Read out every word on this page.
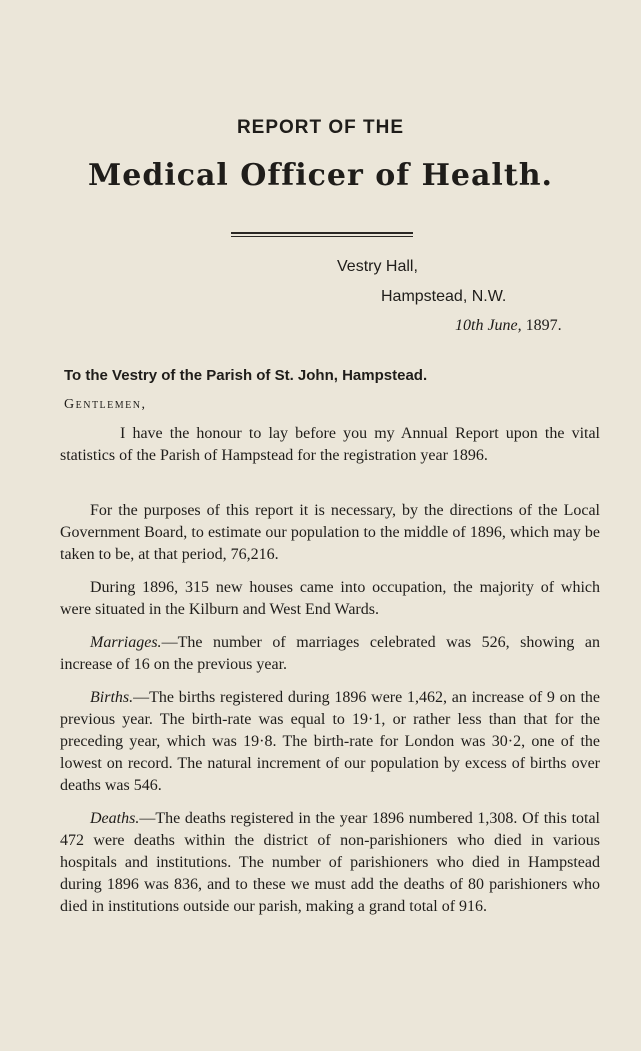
REPORT OF THE
Medical Officer of Health.
Vestry Hall,
Hampstead, N.W.
10th June, 1897.
To the Vestry of the Parish of St. John, Hampstead.
Gentlemen,
I have the honour to lay before you my Annual Report upon the vital statistics of the Parish of Hampstead for the registration year 1896.
For the purposes of this report it is necessary, by the directions of the Local Government Board, to estimate our population to the middle of 1896, which may be taken to be, at that period, 76,216.
During 1896, 315 new houses came into occupation, the majority of which were situated in the Kilburn and West End Wards.
Marriages.—The number of marriages celebrated was 526, showing an increase of 16 on the previous year.
Births.—The births registered during 1896 were 1,462, an increase of 9 on the previous year. The birth-rate was equal to 19·1, or rather less than that for the preceding year, which was 19·8. The birth-rate for London was 30·2, one of the lowest on record. The natural increment of our population by excess of births over deaths was 546.
Deaths.—The deaths registered in the year 1896 numbered 1,308. Of this total 472 were deaths within the district of non-parishioners who died in various hospitals and institutions. The number of parishioners who died in Hampstead during 1896 was 836, and to these we must add the deaths of 80 parishioners who died in institutions outside our parish, making a grand total of 916.
